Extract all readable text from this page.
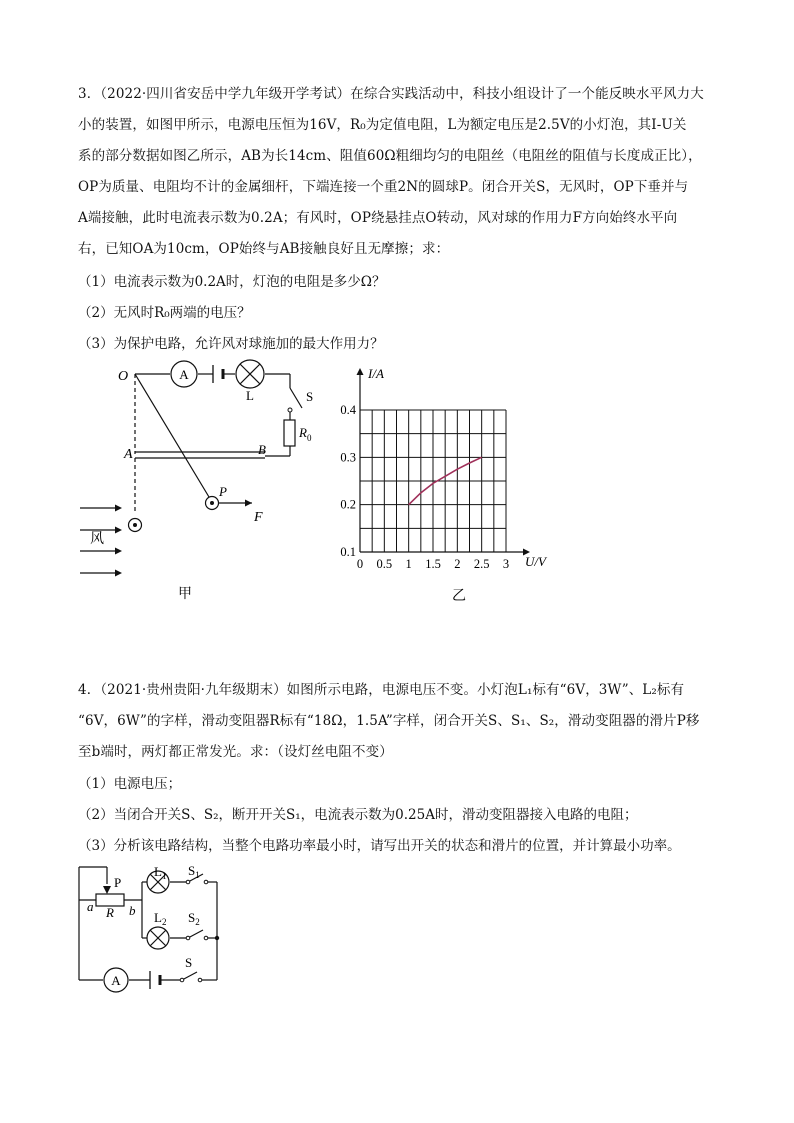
3．（2022·四川省安岳中学九年级开学考试）在综合实践活动中，科技小组设计了一个能反映水平风力大
小的装置，如图甲所示，电源电压恒为16V，R₀为定值电阻，L为额定电压是2.5V的小灯泡，其I-U关
系的部分数据如图乙所示，AB为长14cm、阻值60Ω粗细均匀的电阻丝（电阻丝的阻值与长度成正比），
OP为质量、电阻均不计的金属细杆，下端连接一个重2N的圆球P。闭合开关S，无风时，OP下垂并与
A端接触，此时电流表示数为0.2A；有风时，OP绕悬挂点O转动，风对球的作用力F方向始终水平向
右，已知OA为10cm，OP始终与AB接触良好且无摩擦；求：
（1）电流表示数为0.2A时，灯泡的电阻是多少Ω？
（2）无风时R₀两端的电压？
（3）为保护电路，允许风对球施加的最大作用力？
A
O
A	B
P
F
L	S
$R_0$
风
甲
0 0.5 1 1.5 2 2.5 3
0.1
0.2
0.3
0.4
I/A
U/V
乙
4．（2021·贵州贵阳·九年级期末）如图所示电路，电源电压不变。小灯泡L₁标有“6V，3W”、L₂标有
“6V，6W”的字样，滑动变阻器R标有“18Ω，1.5A”字样，闭合开关S、S₁、S₂，滑动变阻器的滑片P移
至b端时，两灯都正常发光。求：（设灯丝电阻不变）
（1）电源电压；
（2）当闭合开关S、S₂，断开开关S₁，电流表示数为0.25A时，滑动变阻器接入电路的电阻；
（3）分析该电路结构，当整个电路功率最小时，请写出开关的状态和滑片的位置，并计算最小功率。
A
P
a R b
$L_1$
$L_2$
$S_1$
$S_2$
S
